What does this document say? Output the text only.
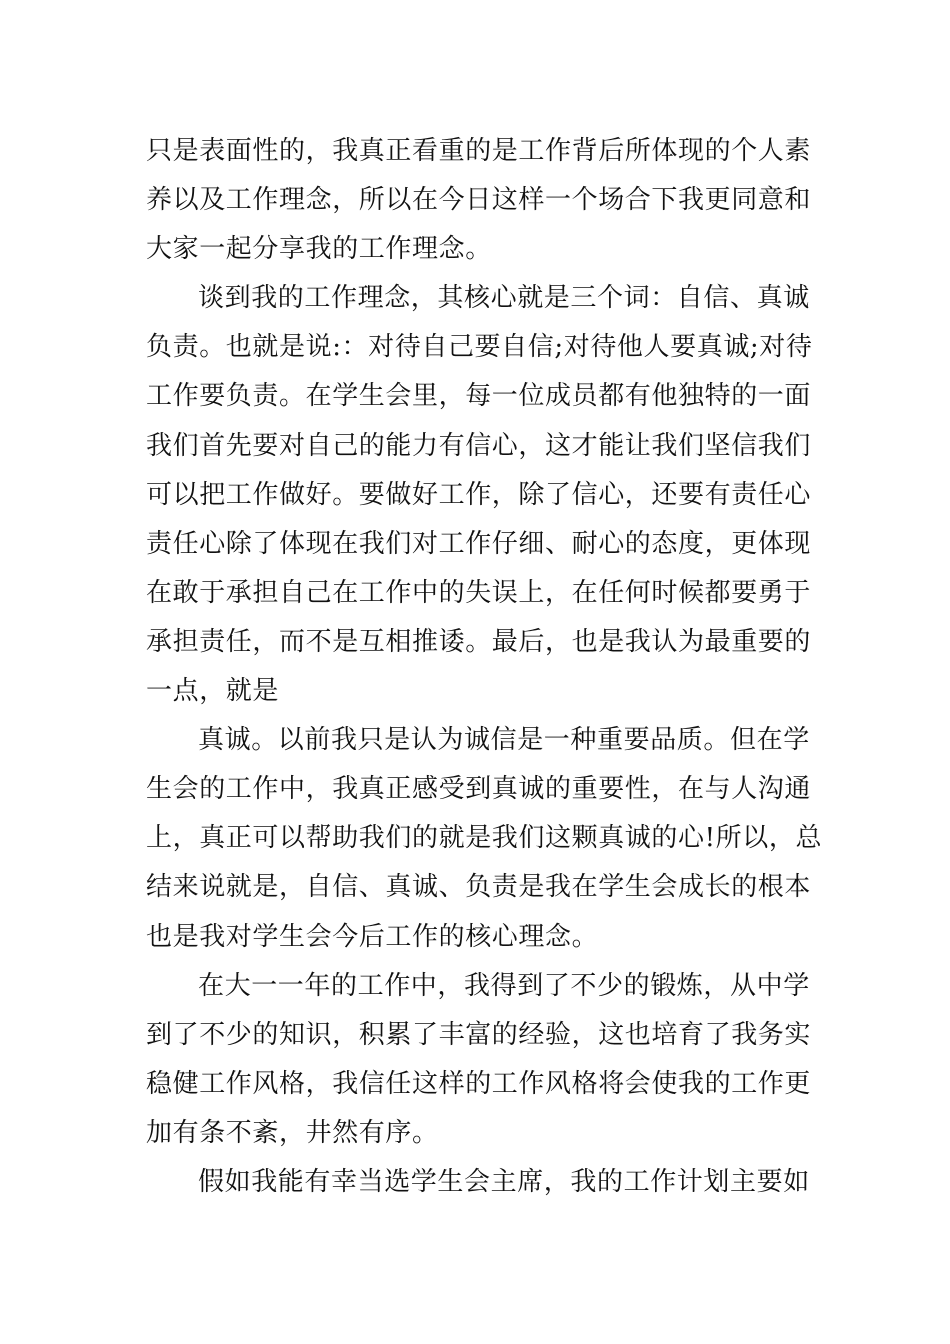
只是表面性的，我真正看重的是工作背后所体现的个人素
养以及工作理念，所以在今日这样一个场合下我更同意和
大家一起分享我的工作理念。
谈到我的工作理念，其核心就是三个词：自信、真诚
负责。也就是说:：对待自己要自信;对待他人要真诚;对待
工作要负责。在学生会里，每一位成员都有他独特的一面
我们首先要对自己的能力有信心，这才能让我们坚信我们
可以把工作做好。要做好工作，除了信心，还要有责任心
责任心除了体现在我们对工作仔细、耐心的态度，更体现
在敢于承担自己在工作中的失误上，在任何时候都要勇于
承担责任，而不是互相推诿。最后，也是我认为最重要的
一点，就是
真诚。以前我只是认为诚信是一种重要品质。但在学
生会的工作中，我真正感受到真诚的重要性，在与人沟通
上，真正可以帮助我们的就是我们这颗真诚的心!所以，总
结来说就是，自信、真诚、负责是我在学生会成长的根本
也是我对学生会今后工作的核心理念。
在大一一年的工作中，我得到了不少的锻炼，从中学
到了不少的知识，积累了丰富的经验，这也培育了我务实
稳健工作风格，我信任这样的工作风格将会使我的工作更
加有条不紊，井然有序。
假如我能有幸当选学生会主席，我的工作计划主要如
